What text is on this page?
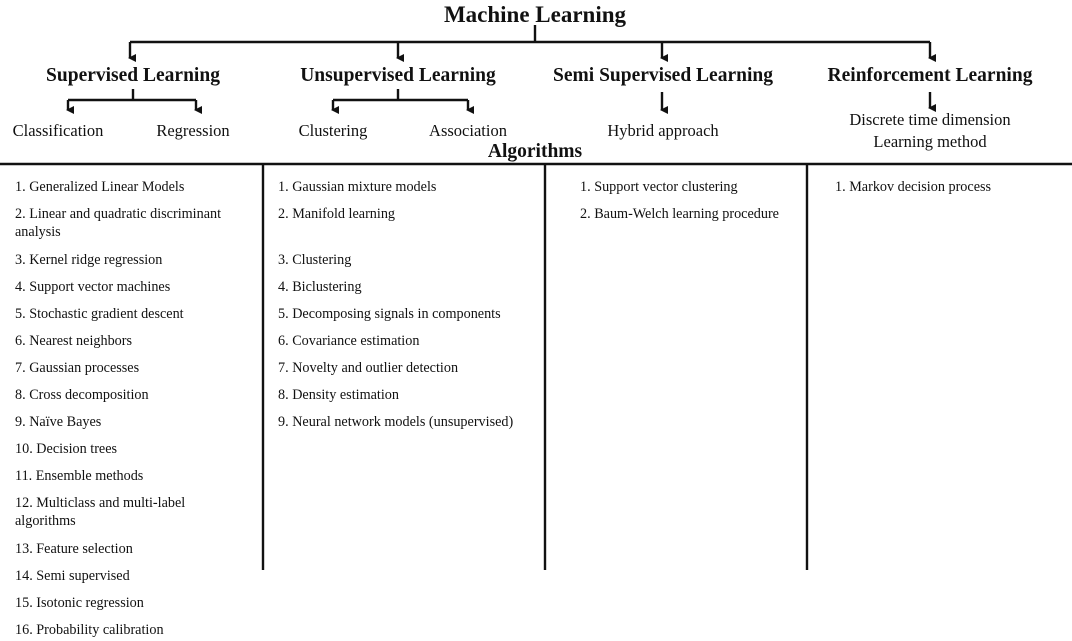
Machine Learning
Supervised Learning	Unsupervised Learning	Semi Supervised Learning	Reinforcement Learning
Classification	Regression	Clustering	Association	Hybrid approach
Discrete time dimension
Learning method
Algorithms
1. Generalized Linear Models
2. Linear and quadratic discriminant analysis
3. Kernel ridge regression
4. Support vector machines
5. Stochastic gradient descent
6. Nearest neighbors
7. Gaussian processes
8. Cross decomposition
9. Naïve Bayes
10. Decision trees
11. Ensemble methods
12. Multiclass and multi-label algorithms
13. Feature selection
14. Semi supervised
15. Isotonic regression
16. Probability calibration
1. Gaussian mixture models
2. Manifold learning
3. Clustering
4. Biclustering
5. Decomposing signals in components
6. Covariance estimation
7. Novelty and outlier detection
8. Density estimation
9. Neural network models (unsupervised)
1. Support vector clustering
2. Baum-Welch learning procedure
1. Markov decision process
